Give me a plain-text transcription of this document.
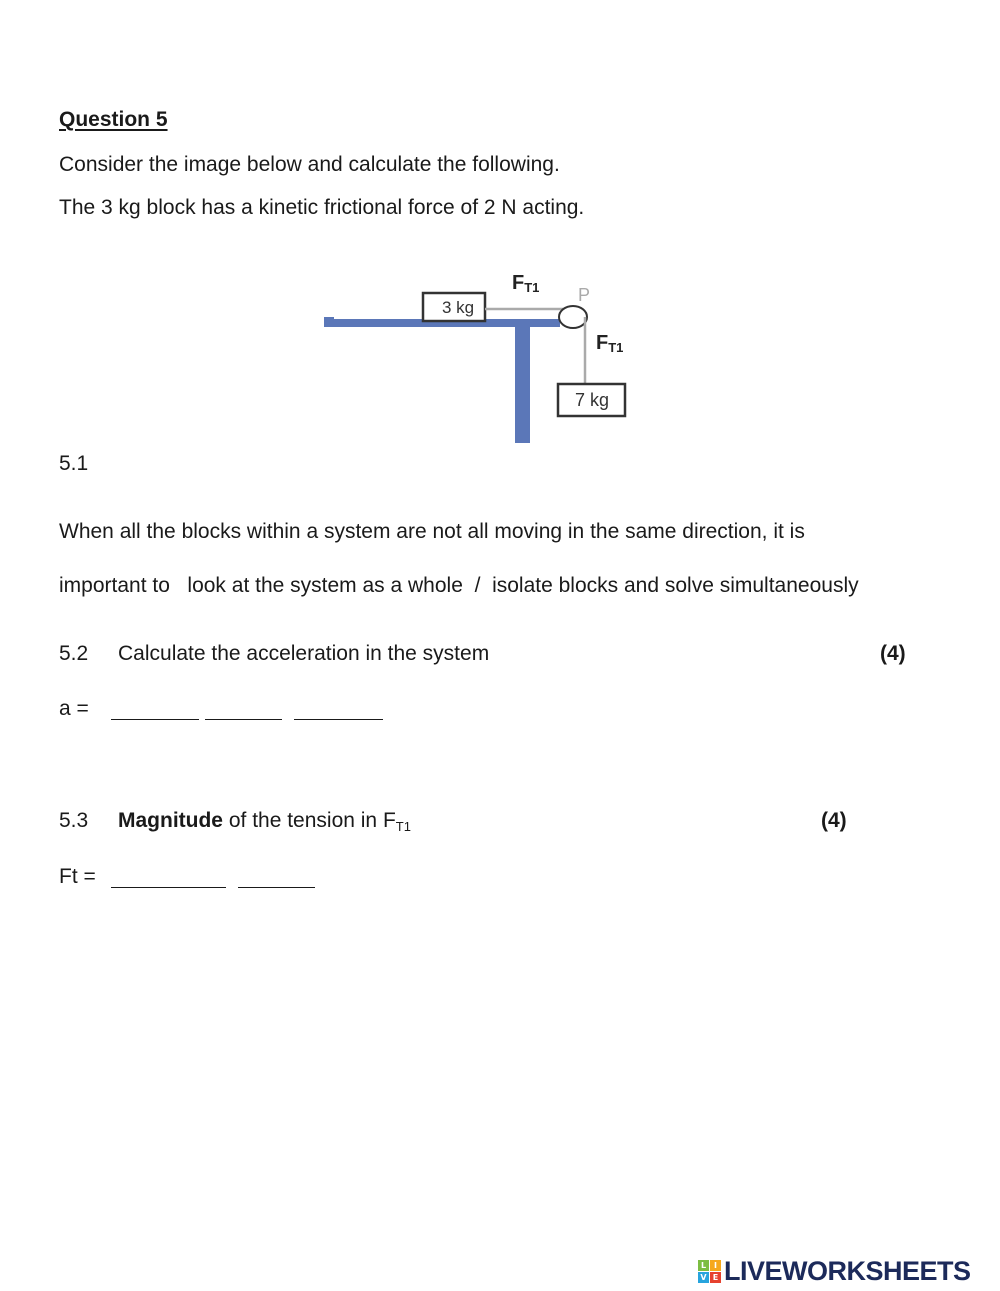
Question 5
Consider the image below and calculate the following.
The 3 kg block has a kinetic frictional force of 2 N acting.
3 kg
P
7 kg
FT1
FT1
5.1
When all the blocks within a system are not all moving in the same direction, it is
important to look at the system as a whole / isolate blocks and solve simultaneously
5.2 Calculate the acceleration in the system	(4)
a =
5.3 Magnitude of the tension in $F_{T1}$	(4)
Ft =
L I
V E LIVEWORKSHEETS
